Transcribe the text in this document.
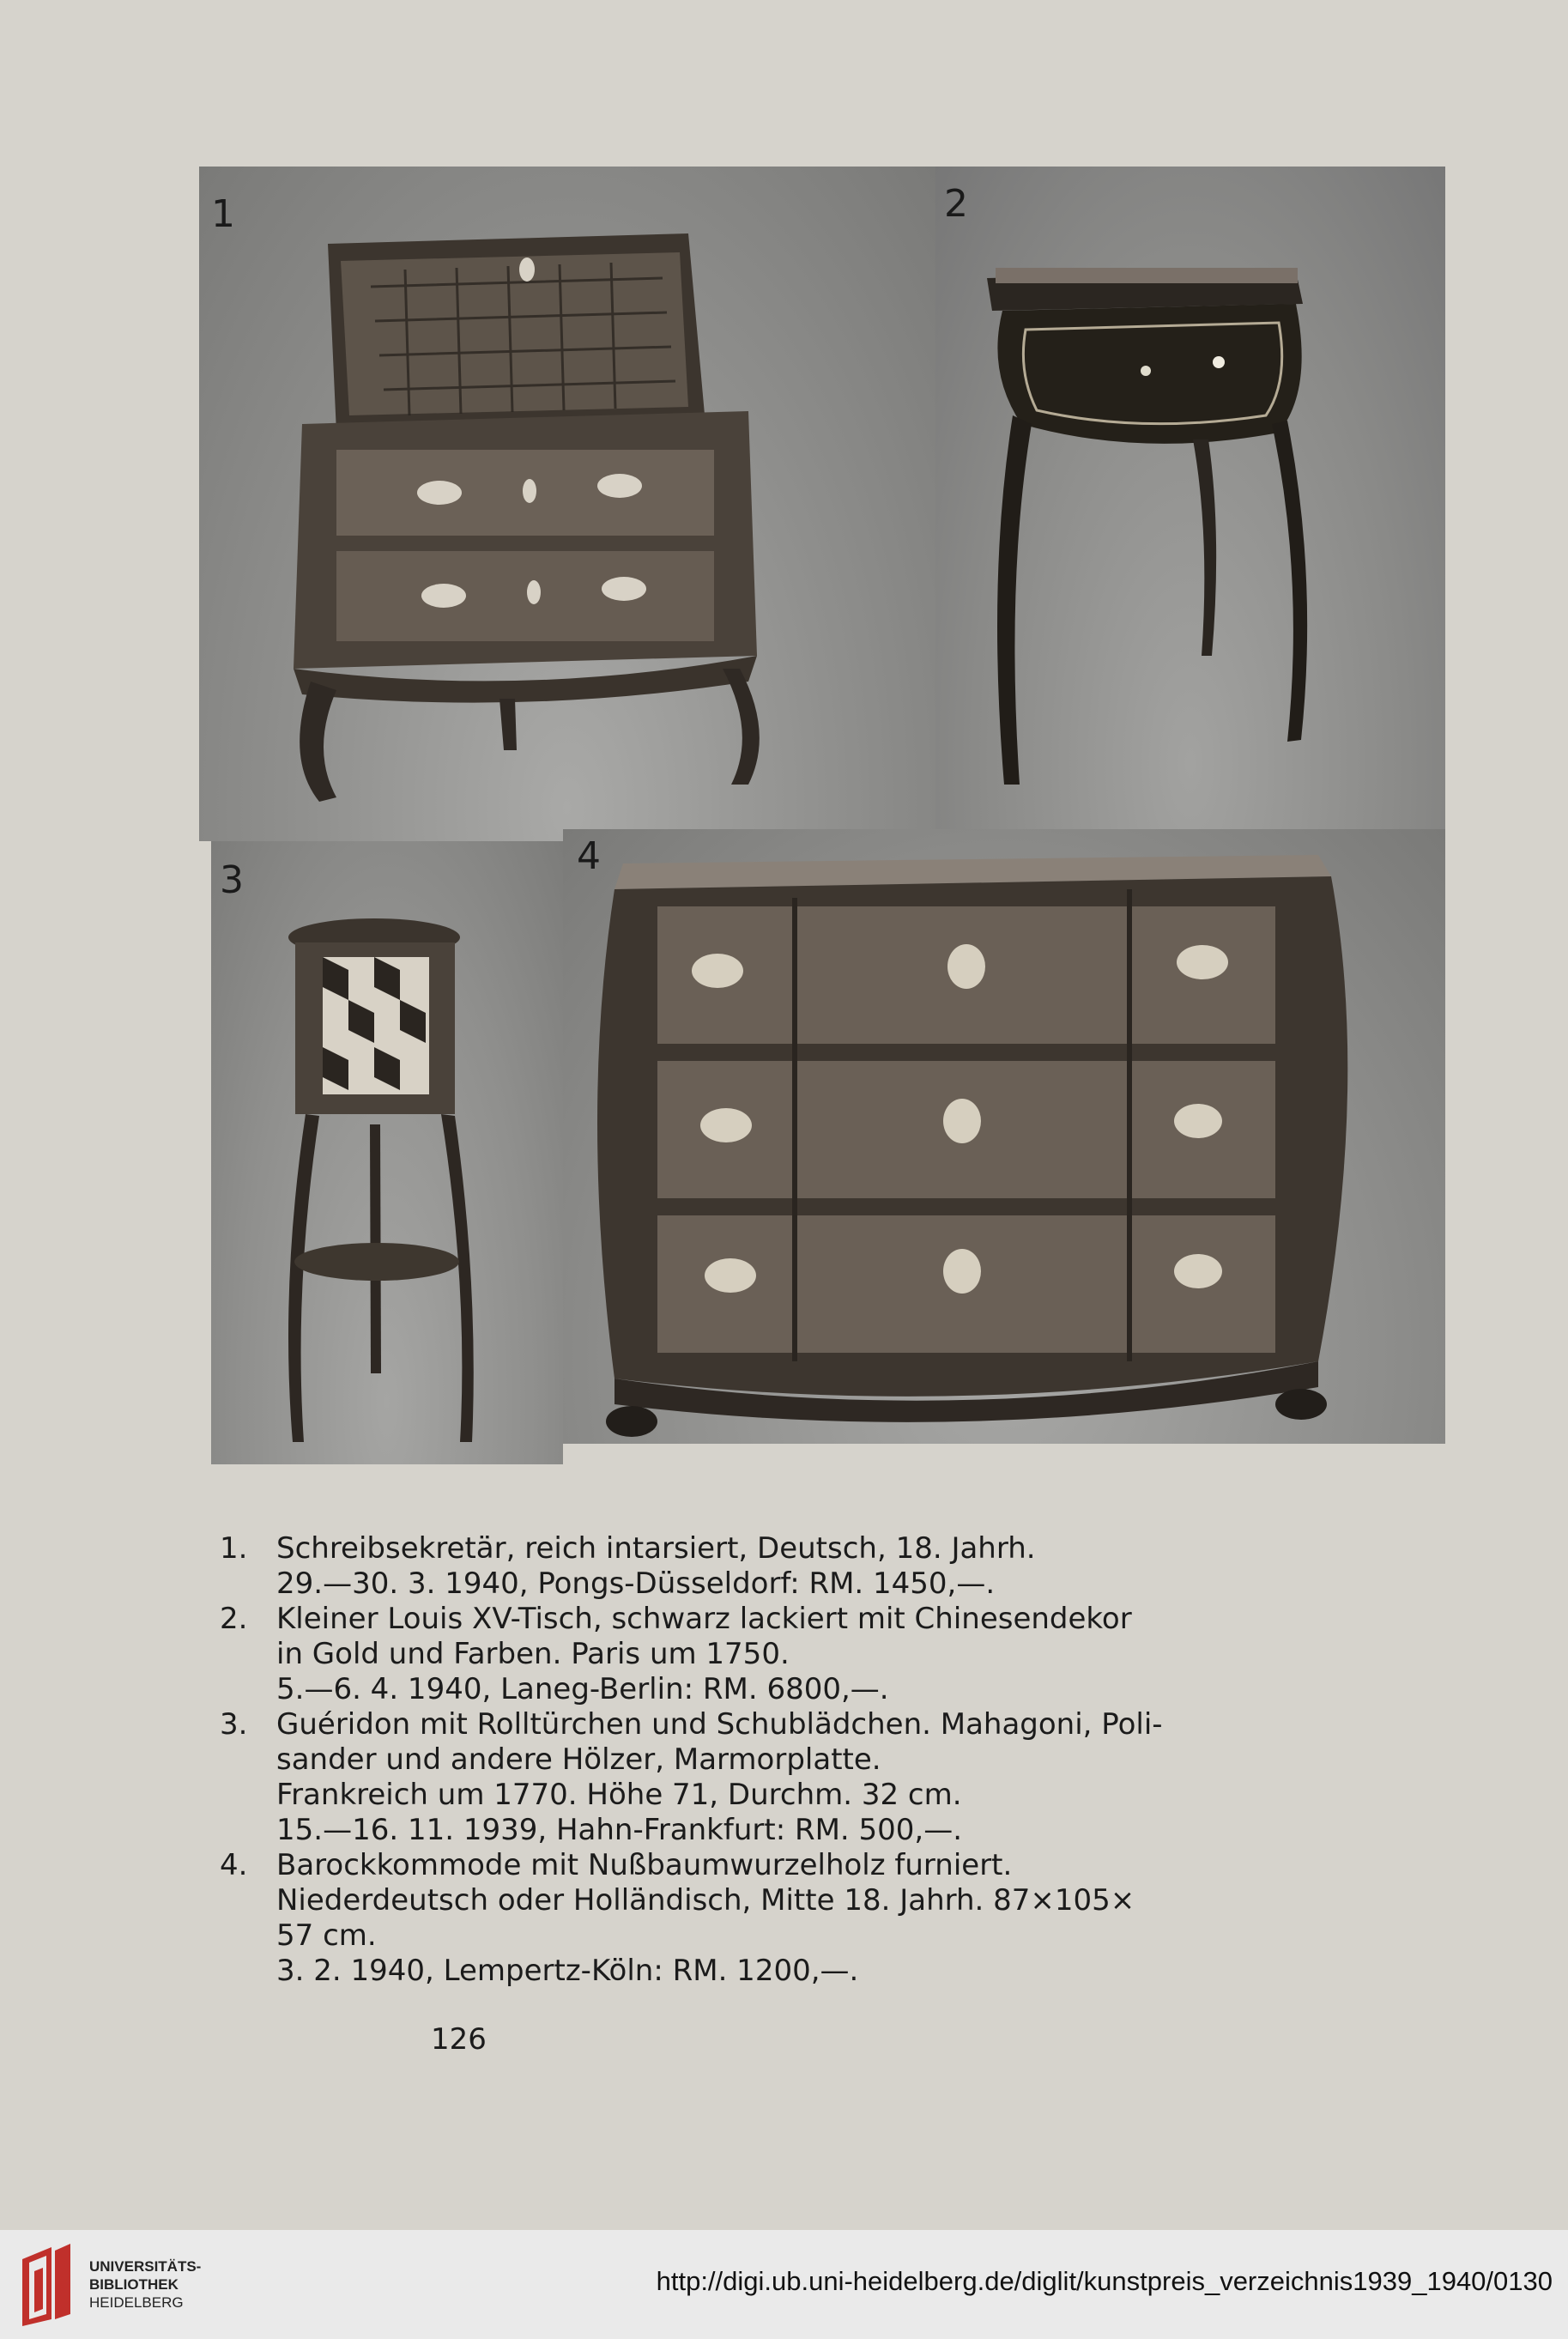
1	2
3
4
1. Schreibsekretär, reich intarsiert, Deutsch, 18. Jahrh.
29.—30. 3. 1940, Pongs-Düsseldorf: RM. 1450,—.
2. Kleiner Louis XV-Tisch, schwarz lackiert mit Chinesendekor
in Gold und Farben. Paris um 1750.
5.—6. 4. 1940, Laneg-Berlin: RM. 6800,—.
3. Guéridon mit Rolltürchen und Schublädchen. Mahagoni, Poli-
sander und andere Hölzer, Marmorplatte.
Frankreich um 1770. Höhe 71, Durchm. 32 cm.
15.—16. 11. 1939, Hahn-Frankfurt: RM. 500,—.
4. Barockkommode mit Nußbaumwurzelholz furniert.
Niederdeutsch oder Holländisch, Mitte 18. Jahrh. 87×105×
57 cm.
3. 2. 1940, Lempertz-Köln: RM. 1200,—.
126
UNIVERSITÄTS-
BIBLIOTHEK
HEIDELBERG
http://digi.ub.uni-heidelberg.de/diglit/kunstpreis_verzeichnis1939_1940/0130
